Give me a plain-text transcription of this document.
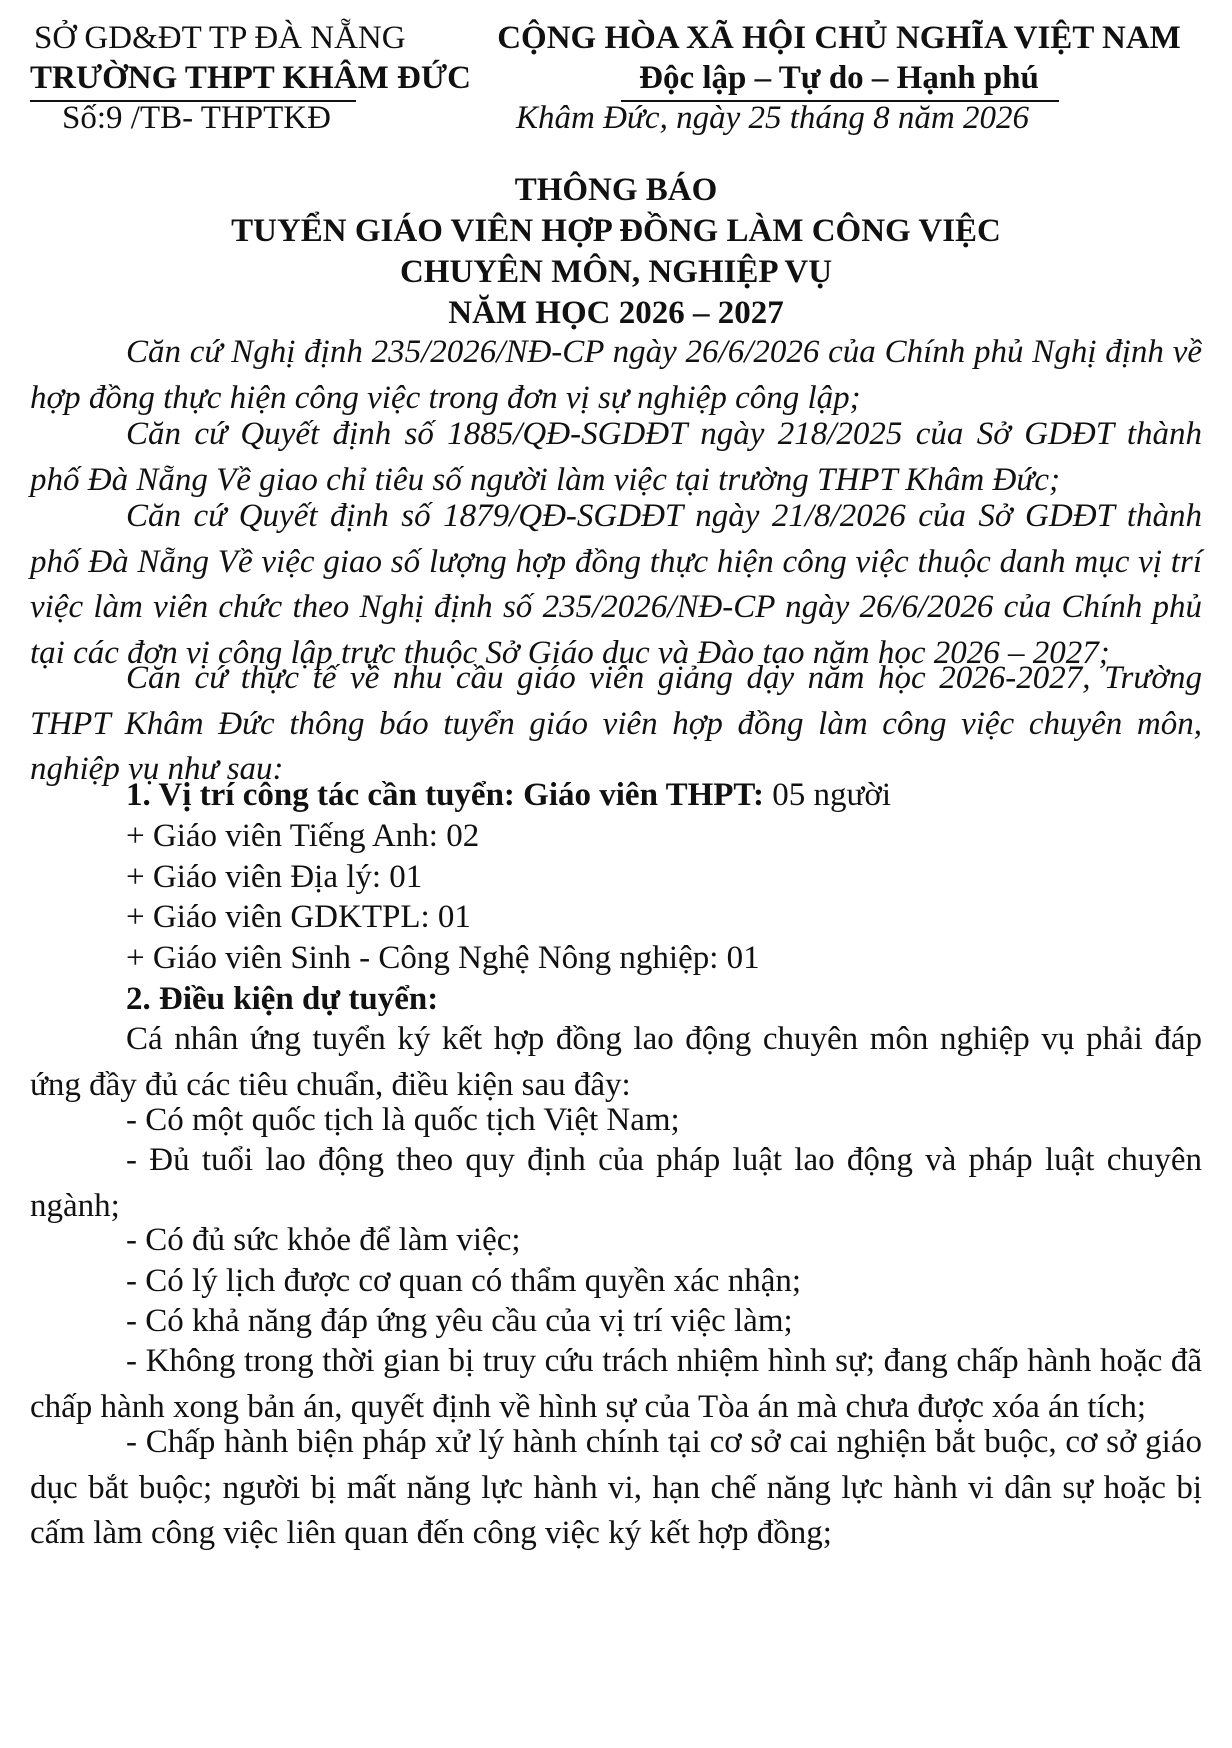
SỞ GD&ĐT TP ĐÀ NẴNG
TRƯỜNG THPT KHÂM ĐỨC
Số:9 /TB- THPTKĐ
CỘNG HÒA XÃ HỘI CHỦ NGHĨA VIỆT NAM
Độc lập – Tự do – Hạnh phú
Khâm Đức, ngày 25 tháng 8 năm 2026
THÔNG BÁO
TUYỂN GIÁO VIÊN HỢP ĐỒNG LÀM CÔNG VIỆC
CHUYÊN MÔN, NGHIỆP VỤ
NĂM HỌC 2026 – 2027
Căn cứ Nghị định 235/2026/NĐ-CP ngày 26/6/2026 của Chính phủ Nghị định về hợp đồng thực hiện công việc trong đơn vị sự nghiệp công lập;
Căn cứ Quyết định số 1885/QĐ-SGDĐT ngày 218/2025 của Sở GDĐT thành phố Đà Nẵng Về giao chỉ tiêu số người làm việc tại trường THPT Khâm Đức;
Căn cứ Quyết định số 1879/QĐ-SGDĐT ngày 21/8/2026 của Sở GDĐT thành phố Đà Nẵng Về việc giao số lượng hợp đồng thực hiện công việc thuộc danh mục vị trí việc làm viên chức theo Nghị định số 235/2026/NĐ-CP ngày 26/6/2026 của Chính phủ tại các đơn vị công lập trực thuộc Sở Giáo dục và Đào tạo năm học 2026 – 2027;
Căn cứ thực tế về nhu cầu giáo viên giảng dạy năm học 2026-2027, Trường THPT Khâm Đức thông báo tuyển giáo viên hợp đồng làm công việc chuyên môn, nghiệp vụ như sau:
1. Vị trí công tác cần tuyển: Giáo viên THPT: 05 người
+ Giáo viên Tiếng Anh: 02
+ Giáo viên Địa lý: 01
+ Giáo viên GDKTPL: 01
+ Giáo viên Sinh - Công Nghệ Nông nghiệp: 01
2. Điều kiện dự tuyển:
Cá nhân ứng tuyển ký kết hợp đồng lao động chuyên môn nghiệp vụ phải đáp ứng đầy đủ các tiêu chuẩn, điều kiện sau đây:
- Có một quốc tịch là quốc tịch Việt Nam;
- Đủ tuổi lao động theo quy định của pháp luật lao động và pháp luật chuyên ngành;
- Có đủ sức khỏe để làm việc;
- Có lý lịch được cơ quan có thẩm quyền xác nhận;
- Có khả năng đáp ứng yêu cầu của vị trí việc làm;
- Không trong thời gian bị truy cứu trách nhiệm hình sự; đang chấp hành hoặc đã chấp hành xong bản án, quyết định về hình sự của Tòa án mà chưa được xóa án tích;
- Chấp hành biện pháp xử lý hành chính tại cơ sở cai nghiện bắt buộc, cơ sở giáo dục bắt buộc; người bị mất năng lực hành vi, hạn chế năng lực hành vi dân sự hoặc bị cấm làm công việc liên quan đến công việc ký kết hợp đồng;
